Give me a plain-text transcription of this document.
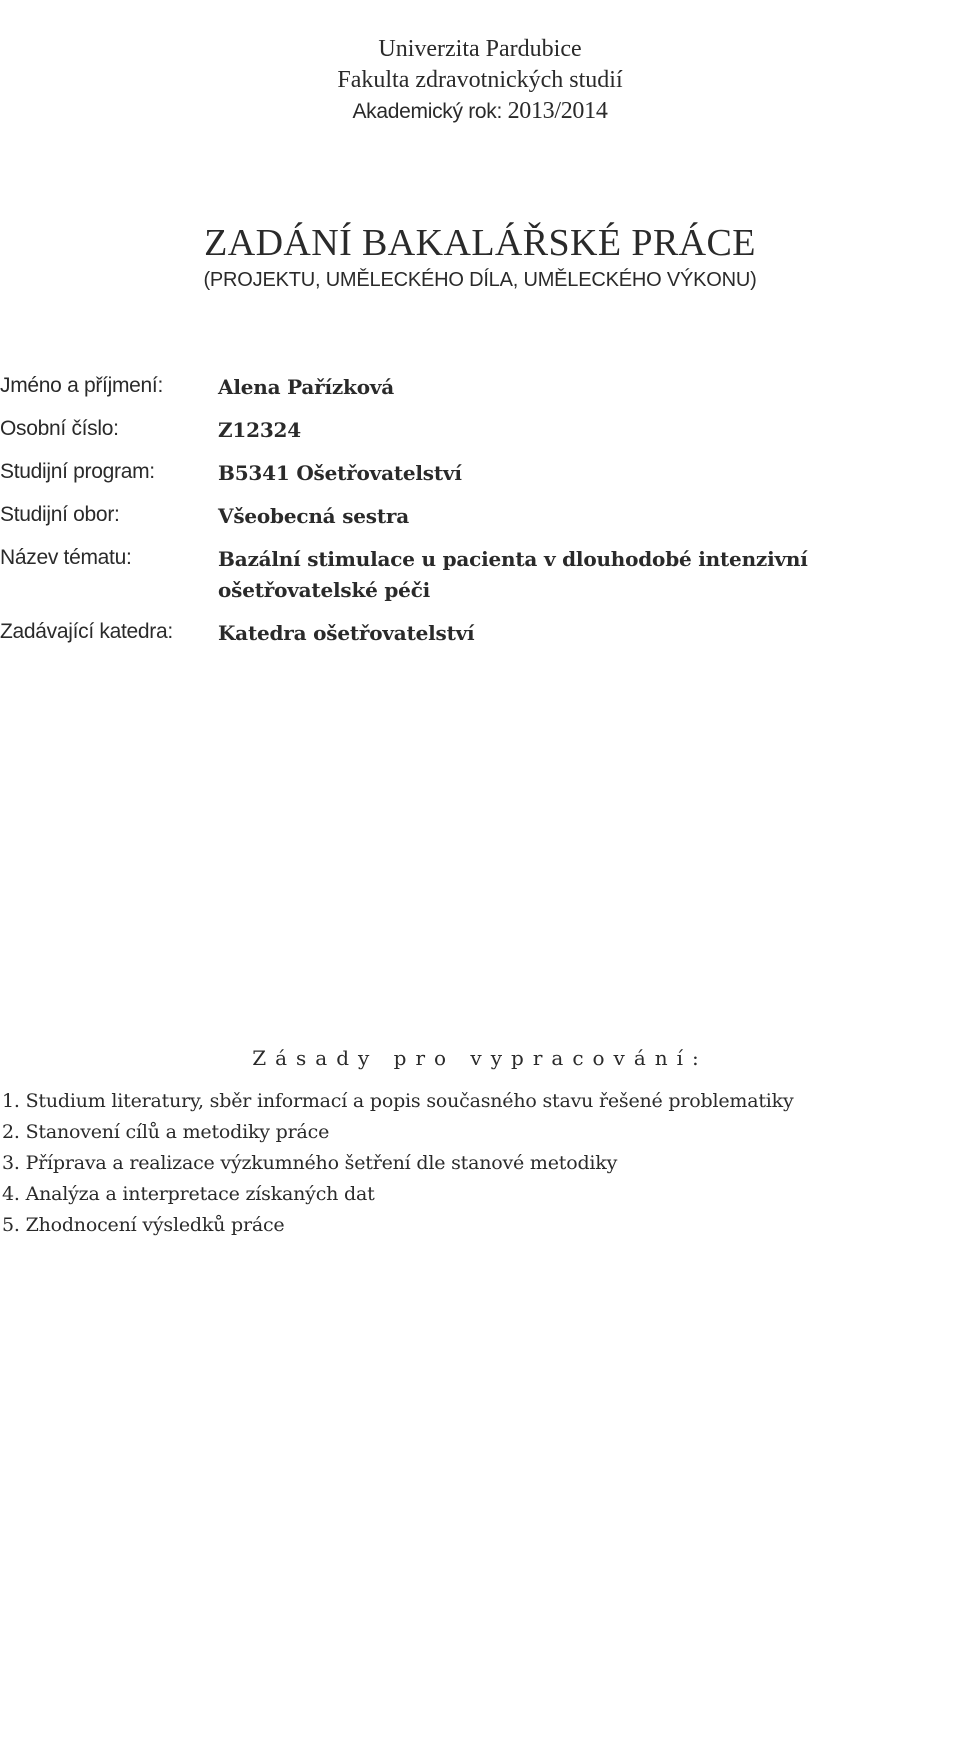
Univerzita Pardubice
Fakulta zdravotnických studií
Akademický rok: 2013/2014
ZADÁNÍ BAKALÁŘSKÉ PRÁCE
(PROJEKTU, UMĚLECKÉHO DÍLA, UMĚLECKÉHO VÝKONU)
Jméno a příjmení:	Alena Pařízková
Osobní číslo:	Z12324
Studijní program:	B5341 Ošetřovatelství
Studijní obor:	Všeobecná sestra
Název tématu:	Bazální stimulace u pacienta v dlouhodobé intenzivní ošetřovatelské péči
Zadávající katedra:	Katedra ošetřovatelství
Zásady pro vypracování:
1. Studium literatury, sběr informací a popis současného stavu řešené problematiky
2. Stanovení cílů a metodiky práce
3. Příprava a realizace výzkumného šetření dle stanové metodiky
4. Analýza a interpretace získaných dat
5. Zhodnocení výsledků práce
